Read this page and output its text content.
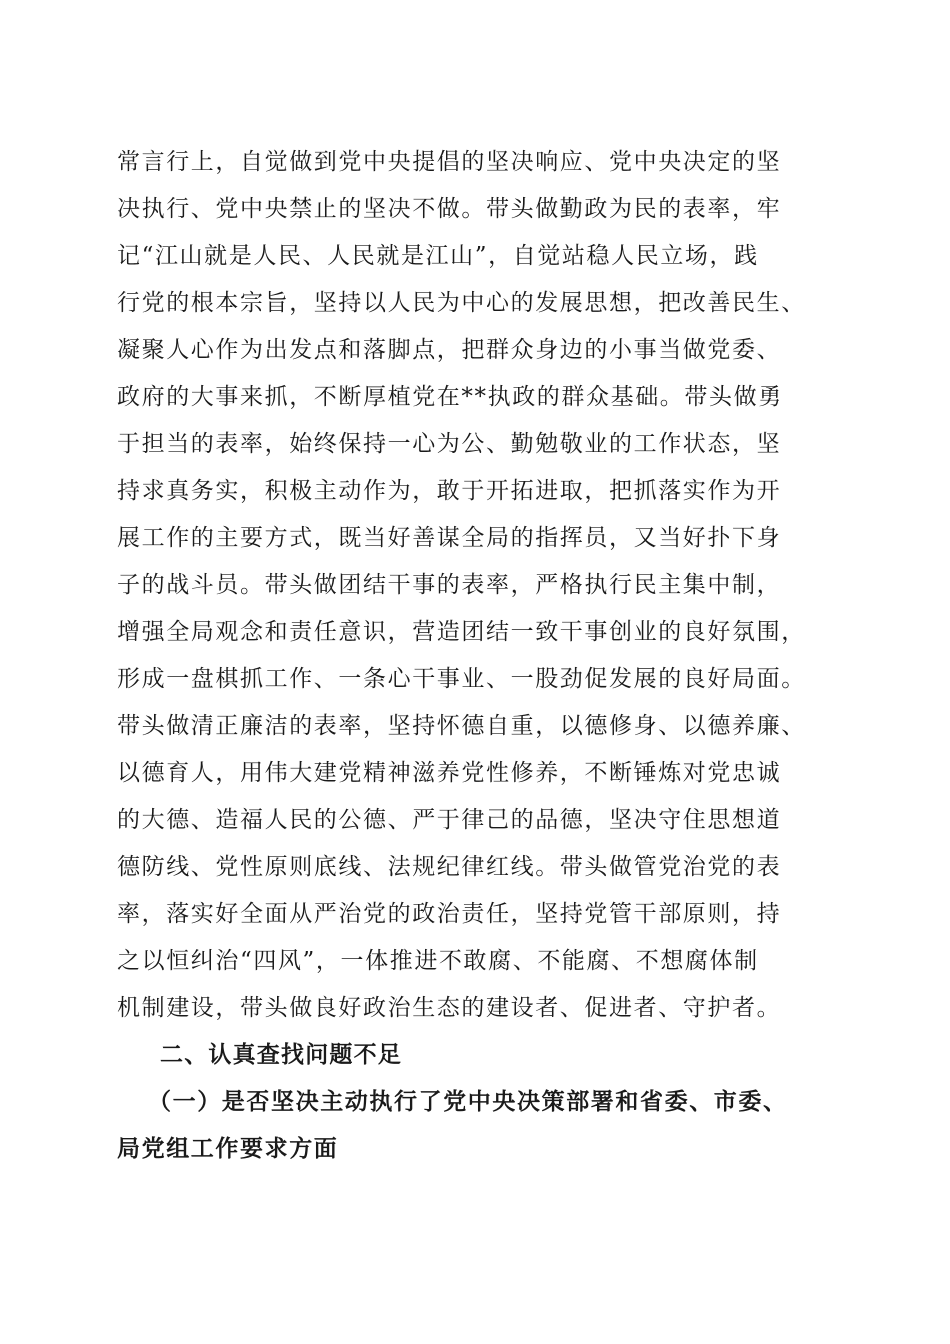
常言行上，自觉做到党中央提倡的坚决响应、党中央决定的坚
决执行、党中央禁止的坚决不做。带头做勤政为民的表率，牢
记“江山就是人民、人民就是江山”，自觉站稳人民立场，践
行党的根本宗旨，坚持以人民为中心的发展思想，把改善民生、
凝聚人心作为出发点和落脚点，把群众身边的小事当做党委、
政府的大事来抓，不断厚植党在**执政的群众基础。带头做勇
于担当的表率，始终保持一心为公、勤勉敬业的工作状态，坚
持求真务实，积极主动作为，敢于开拓进取，把抓落实作为开
展工作的主要方式，既当好善谋全局的指挥员，又当好扑下身
子的战斗员。带头做团结干事的表率，严格执行民主集中制，
增强全局观念和责任意识，营造团结一致干事创业的良好氛围，
形成一盘棋抓工作、一条心干事业、一股劲促发展的良好局面。
带头做清正廉洁的表率，坚持怀德自重，以德修身、以德养廉、
以德育人，用伟大建党精神滋养党性修养，不断锤炼对党忠诚
的大德、造福人民的公德、严于律己的品德，坚决守住思想道
德防线、党性原则底线、法规纪律红线。带头做管党治党的表
率，落实好全面从严治党的政治责任，坚持党管干部原则，持
之以恒纠治“四风”，一体推进不敢腐、不能腐、不想腐体制
机制建设，带头做良好政治生态的建设者、促进者、守护者。
二、认真查找问题不足
（一）是否坚决主动执行了党中央决策部署和省委、市委、
局党组工作要求方面
